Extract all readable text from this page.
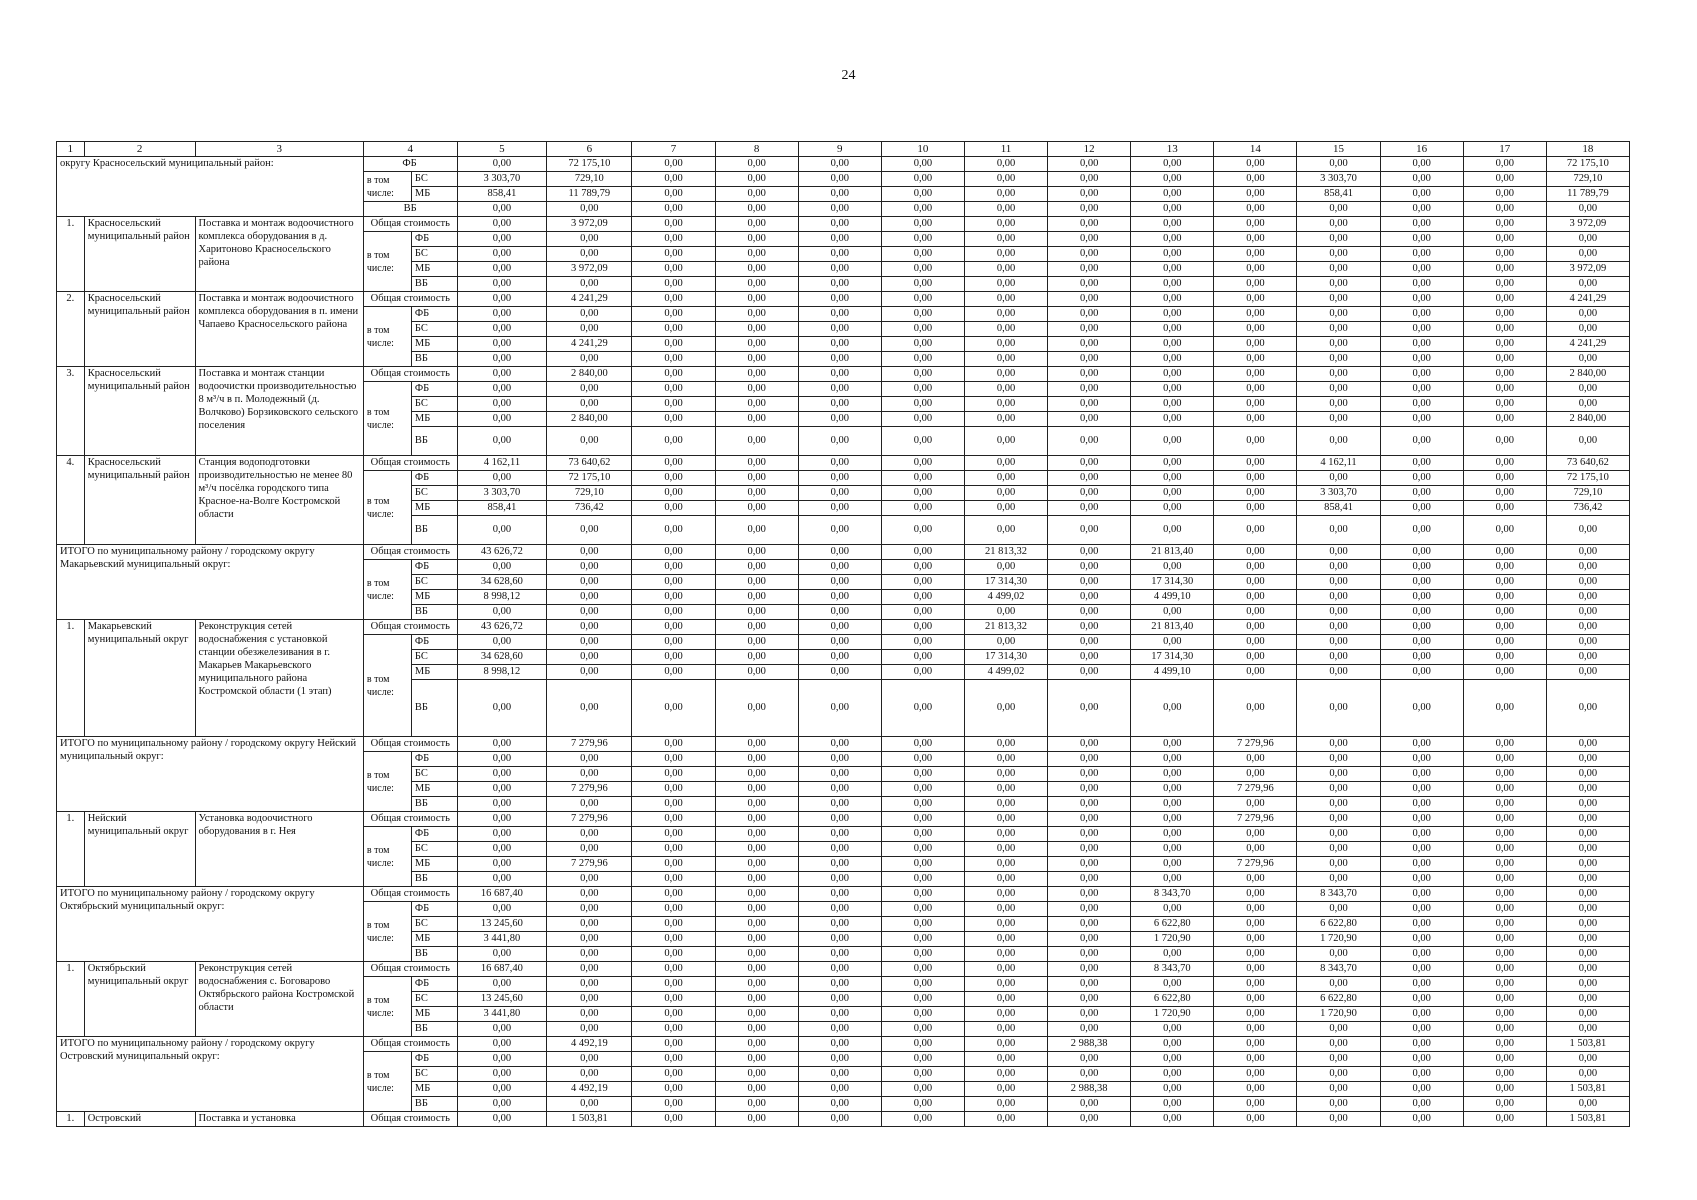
24
1	2	3	4		5	6	7	8	9	10	11	12	13	14	15	16	17	18
округу Красносельский муниципальный район:			ФБ		0,00	72 175,10	0,00	0,00	0,00	0,00	0,00	0,00	0,00	0,00	0,00	0,00	0,00	72 175,10
			в том числе:	БС	3 303,70	729,10	0,00	0,00	0,00	0,00	0,00	0,00	0,00	0,00	3 303,70	0,00	0,00	729,10
				МБ	858,41	11 789,79	0,00	0,00	0,00	0,00	0,00	0,00	0,00	0,00	858,41	0,00	0,00	11 789,79
			ВБ		0,00	0,00	0,00	0,00	0,00	0,00	0,00	0,00	0,00	0,00	0,00	0,00	0,00	0,00
1.	Красносельский муниципальный район	Поставка и монтаж водоочистного комплекса оборудования в д. Харитоново Красносельского района	Общая стоимость		0,00	3 972,09	0,00	0,00	0,00	0,00	0,00	0,00	0,00	0,00	0,00	0,00	0,00	3 972,09
			в том числе:	ФБ	0,00	0,00	0,00	0,00	0,00	0,00	0,00	0,00	0,00	0,00	0,00	0,00	0,00	0,00
				БС	0,00	0,00	0,00	0,00	0,00	0,00	0,00	0,00	0,00	0,00	0,00	0,00	0,00	0,00
				МБ	0,00	3 972,09	0,00	0,00	0,00	0,00	0,00	0,00	0,00	0,00	0,00	0,00	0,00	3 972,09
				ВБ	0,00	0,00	0,00	0,00	0,00	0,00	0,00	0,00	0,00	0,00	0,00	0,00	0,00	0,00
2.	Красносельский муниципальный район	Поставка и монтаж водоочистного комплекса оборудования в п. имени Чапаево Красносельского района	Общая стоимость		0,00	4 241,29	0,00	0,00	0,00	0,00	0,00	0,00	0,00	0,00	0,00	0,00	0,00	4 241,29
			в том числе:	ФБ	0,00	0,00	0,00	0,00	0,00	0,00	0,00	0,00	0,00	0,00	0,00	0,00	0,00	0,00
				БС	0,00	0,00	0,00	0,00	0,00	0,00	0,00	0,00	0,00	0,00	0,00	0,00	0,00	0,00
				МБ	0,00	4 241,29	0,00	0,00	0,00	0,00	0,00	0,00	0,00	0,00	0,00	0,00	0,00	4 241,29
				ВБ	0,00	0,00	0,00	0,00	0,00	0,00	0,00	0,00	0,00	0,00	0,00	0,00	0,00	0,00
3.	Красносельский муниципальный район	Поставка и монтаж станции водоочистки производительностью 8 м³/ч в п. Молодежный (д. Волчково) Борзиковского сельского поселения	Общая стоимость		0,00	2 840,00	0,00	0,00	0,00	0,00	0,00	0,00	0,00	0,00	0,00	0,00	0,00	2 840,00
			в том числе:	ФБ	0,00	0,00	0,00	0,00	0,00	0,00	0,00	0,00	0,00	0,00	0,00	0,00	0,00	0,00
				БС	0,00	0,00	0,00	0,00	0,00	0,00	0,00	0,00	0,00	0,00	0,00	0,00	0,00	0,00
				МБ	0,00	2 840,00	0,00	0,00	0,00	0,00	0,00	0,00	0,00	0,00	0,00	0,00	0,00	2 840,00
				ВБ	0,00	0,00	0,00	0,00	0,00	0,00	0,00	0,00	0,00	0,00	0,00	0,00	0,00	0,00
4.	Красносельский муниципальный район	Станция водоподготовки производительностью не менее 80 м³/ч посёлка городского типа Красное-на-Волге Костромской области	Общая стоимость		4 162,11	73 640,62	0,00	0,00	0,00	0,00	0,00	0,00	0,00	0,00	4 162,11	0,00	0,00	73 640,62
			в том числе:	ФБ	0,00	72 175,10	0,00	0,00	0,00	0,00	0,00	0,00	0,00	0,00	0,00	0,00	0,00	72 175,10
				БС	3 303,70	729,10	0,00	0,00	0,00	0,00	0,00	0,00	0,00	0,00	3 303,70	0,00	0,00	729,10
				МБ	858,41	736,42	0,00	0,00	0,00	0,00	0,00	0,00	0,00	0,00	858,41	0,00	0,00	736,42
				ВБ	0,00	0,00	0,00	0,00	0,00	0,00	0,00	0,00	0,00	0,00	0,00	0,00	0,00	0,00
ИТОГО по муниципальному району / городскому округу Макарьевский муниципальный округ:			Общая стоимость		43 626,72	0,00	0,00	0,00	0,00	0,00	21 813,32	0,00	21 813,40	0,00	0,00	0,00	0,00	0,00
			в том числе:	ФБ	0,00	0,00	0,00	0,00	0,00	0,00	0,00	0,00	0,00	0,00	0,00	0,00	0,00	0,00
				БС	34 628,60	0,00	0,00	0,00	0,00	0,00	17 314,30	0,00	17 314,30	0,00	0,00	0,00	0,00	0,00
				МБ	8 998,12	0,00	0,00	0,00	0,00	0,00	4 499,02	0,00	4 499,10	0,00	0,00	0,00	0,00	0,00
				ВБ	0,00	0,00	0,00	0,00	0,00	0,00	0,00	0,00	0,00	0,00	0,00	0,00	0,00	0,00
1.	Макарьевский муниципальный округ	Реконструкция сетей водоснабжения с установкой станции обезжелезивания в г. Макарьев Макарьевского муниципального района Костромской области (1 этап)	Общая стоимость		43 626,72	0,00	0,00	0,00	0,00	0,00	21 813,32	0,00	21 813,40	0,00	0,00	0,00	0,00	0,00
			в том числе:	ФБ	0,00	0,00	0,00	0,00	0,00	0,00	0,00	0,00	0,00	0,00	0,00	0,00	0,00	0,00
				БС	34 628,60	0,00	0,00	0,00	0,00	0,00	17 314,30	0,00	17 314,30	0,00	0,00	0,00	0,00	0,00
				МБ	8 998,12	0,00	0,00	0,00	0,00	0,00	4 499,02	0,00	4 499,10	0,00	0,00	0,00	0,00	0,00
				ВБ	0,00	0,00	0,00	0,00	0,00	0,00	0,00	0,00	0,00	0,00	0,00	0,00	0,00	0,00
ИТОГО по муниципальному району / городскому округу Нейский муниципальный округ:			Общая стоимость		0,00	7 279,96	0,00	0,00	0,00	0,00	0,00	0,00	0,00	7 279,96	0,00	0,00	0,00	0,00
			в том числе:	ФБ	0,00	0,00	0,00	0,00	0,00	0,00	0,00	0,00	0,00	0,00	0,00	0,00	0,00	0,00
				БС	0,00	0,00	0,00	0,00	0,00	0,00	0,00	0,00	0,00	0,00	0,00	0,00	0,00	0,00
				МБ	0,00	7 279,96	0,00	0,00	0,00	0,00	0,00	0,00	0,00	7 279,96	0,00	0,00	0,00	0,00
				ВБ	0,00	0,00	0,00	0,00	0,00	0,00	0,00	0,00	0,00	0,00	0,00	0,00	0,00	0,00
1.	Нейский муниципальный округ	Установка водоочистного оборудования в г. Нея	Общая стоимость		0,00	7 279,96	0,00	0,00	0,00	0,00	0,00	0,00	0,00	7 279,96	0,00	0,00	0,00	0,00
			в том числе:	ФБ	0,00	0,00	0,00	0,00	0,00	0,00	0,00	0,00	0,00	0,00	0,00	0,00	0,00	0,00
				БС	0,00	0,00	0,00	0,00	0,00	0,00	0,00	0,00	0,00	0,00	0,00	0,00	0,00	0,00
				МБ	0,00	7 279,96	0,00	0,00	0,00	0,00	0,00	0,00	0,00	7 279,96	0,00	0,00	0,00	0,00
				ВБ	0,00	0,00	0,00	0,00	0,00	0,00	0,00	0,00	0,00	0,00	0,00	0,00	0,00	0,00
ИТОГО по муниципальному району / городскому округу Октябрьский муниципальный округ:			Общая стоимость		16 687,40	0,00	0,00	0,00	0,00	0,00	0,00	0,00	8 343,70	0,00	8 343,70	0,00	0,00	0,00
			в том числе:	ФБ	0,00	0,00	0,00	0,00	0,00	0,00	0,00	0,00	0,00	0,00	0,00	0,00	0,00	0,00
				БС	13 245,60	0,00	0,00	0,00	0,00	0,00	0,00	0,00	6 622,80	0,00	6 622,80	0,00	0,00	0,00
				МБ	3 441,80	0,00	0,00	0,00	0,00	0,00	0,00	0,00	1 720,90	0,00	1 720,90	0,00	0,00	0,00
				ВБ	0,00	0,00	0,00	0,00	0,00	0,00	0,00	0,00	0,00	0,00	0,00	0,00	0,00	0,00
1.	Октябрьский муниципальный округ	Реконструкция сетей водоснабжения с. Боговарово Октябрьского района Костромской области	Общая стоимость		16 687,40	0,00	0,00	0,00	0,00	0,00	0,00	0,00	8 343,70	0,00	8 343,70	0,00	0,00	0,00
			в том числе:	ФБ	0,00	0,00	0,00	0,00	0,00	0,00	0,00	0,00	0,00	0,00	0,00	0,00	0,00	0,00
				БС	13 245,60	0,00	0,00	0,00	0,00	0,00	0,00	0,00	6 622,80	0,00	6 622,80	0,00	0,00	0,00
				МБ	3 441,80	0,00	0,00	0,00	0,00	0,00	0,00	0,00	1 720,90	0,00	1 720,90	0,00	0,00	0,00
				ВБ	0,00	0,00	0,00	0,00	0,00	0,00	0,00	0,00	0,00	0,00	0,00	0,00	0,00	0,00
ИТОГО по муниципальному району / городскому округу Островский муниципальный округ:			Общая стоимость		0,00	4 492,19	0,00	0,00	0,00	0,00	0,00	2 988,38	0,00	0,00	0,00	0,00	0,00	1 503,81
			в том числе:	ФБ	0,00	0,00	0,00	0,00	0,00	0,00	0,00	0,00	0,00	0,00	0,00	0,00	0,00	0,00
				БС	0,00	0,00	0,00	0,00	0,00	0,00	0,00	0,00	0,00	0,00	0,00	0,00	0,00	0,00
				МБ	0,00	4 492,19	0,00	0,00	0,00	0,00	0,00	2 988,38	0,00	0,00	0,00	0,00	0,00	1 503,81
				ВБ	0,00	0,00	0,00	0,00	0,00	0,00	0,00	0,00	0,00	0,00	0,00	0,00	0,00	0,00
1.	Островский	Поставка и установка	Общая стоимость		0,00	1 503,81	0,00	0,00	0,00	0,00	0,00	0,00	0,00	0,00	0,00	0,00	0,00	1 503,81
